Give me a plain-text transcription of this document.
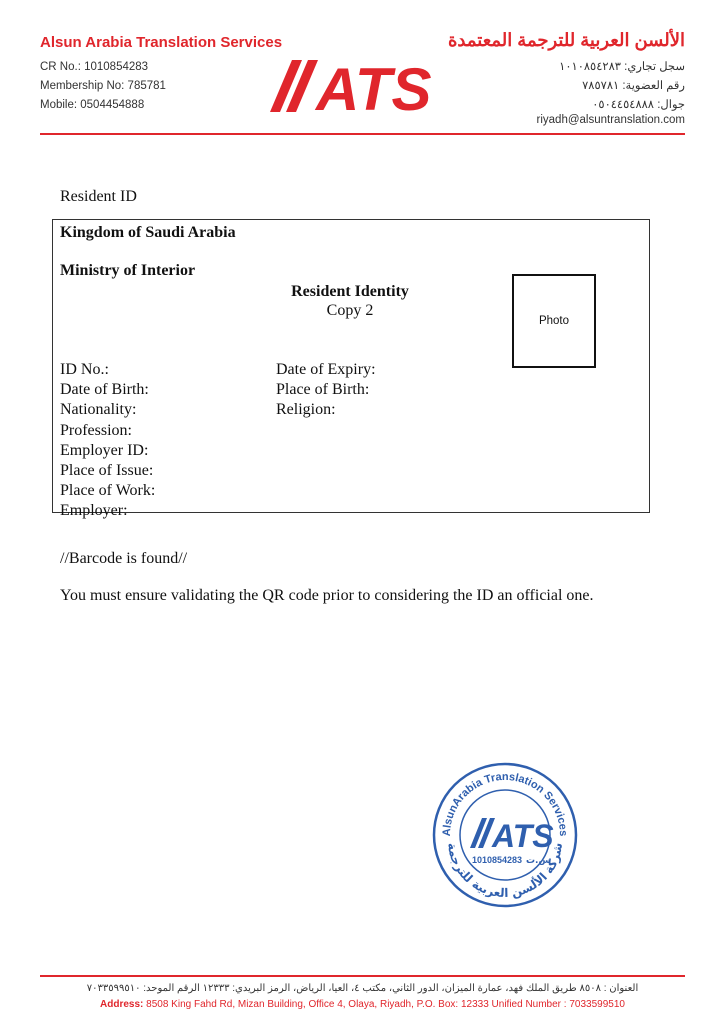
Alsun Arabia Translation Services
CR No.: 1010854283
Membership No: 785781
Mobile: 0504454888	ATS
الألسن العربية للترجمة المعتمدة
سجل تجاري: ١٠١٠٨٥٤٢٨٣
رقم العضوية: ٧٨٥٧٨١
جوال: ٠٥٠٤٤٥٤٨٨٨
riyadh@alsuntranslation.com
Resident ID
Kingdom of Saudi Arabia
Ministry of Interior
Resident Identity
Copy 2
Photo
ID No.:
Date of Birth:
Nationality:
Profession:
Employer ID:
Place of Issue:
Place of Work:
Employer:
Date of Expiry:
Place of Birth:
Religion:
//Barcode is found//
You must ensure validating the QR code prior to considering the ID an official one.
AlsunArabia Translation Services
شركة الألسن العربية للترجمة
ATS
1010854283 س.ت
العنوان : ٨٥٠٨ طريق الملك فهد، عمارة الميزان، الدور الثاني، مكتب ٤، العيا، الرياض، الرمز البريدي: ١٢٣٣٣ الرقم الموحد: ٧٠٣٣٥٩٩٥١٠
Address: 8508 King Fahd Rd, Mizan Building, Office 4, Olaya, Riyadh, P.O. Box: 12333 Unified Number : 7033599510
